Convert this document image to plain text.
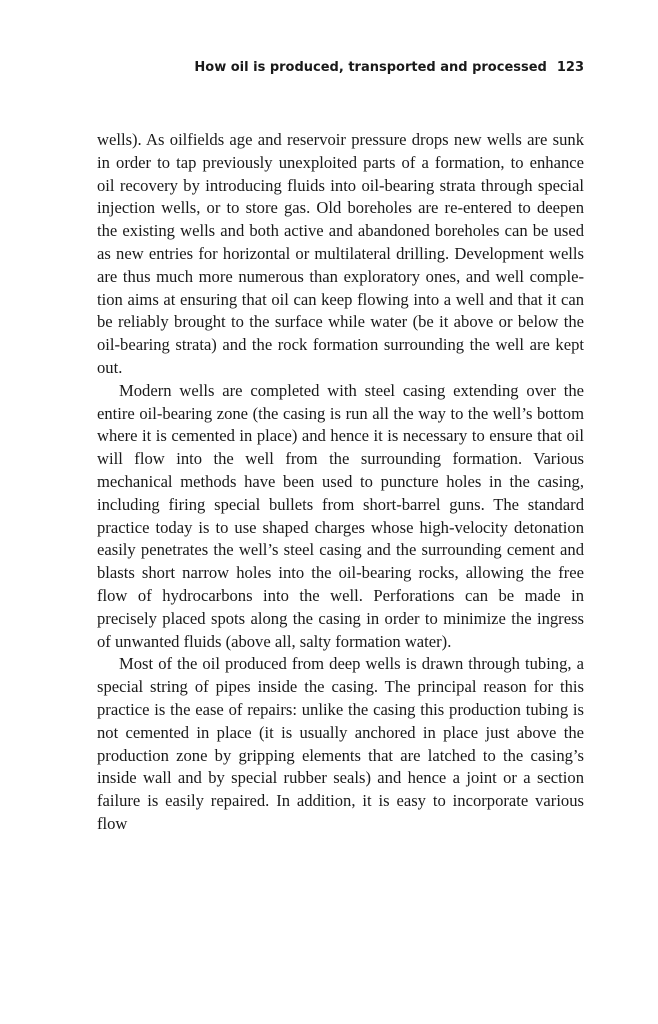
How oil is produced, transported and processed 123

wells). As oilfields age and reservoir pressure drops new wells are sunk in order to tap previously unexploited parts of a formation, to enhance oil recovery by introducing fluids into oil-bearing strata through special injection wells, or to store gas. Old boreholes are re-entered to deepen the existing wells and both active and abandoned boreholes can be used as new entries for horizontal or multilateral drilling. Development wells are thus much more numerous than exploratory ones, and well completion aims at ensuring that oil can keep flowing into a well and that it can be reliably brought to the surface while water (be it above or below the oil-bearing strata) and the rock formation surrounding the well are kept out.

Modern wells are completed with steel casing extending over the entire oil-bearing zone (the casing is run all the way to the well’s bottom where it is cemented in place) and hence it is necessary to ensure that oil will flow into the well from the surrounding formation. Various mechanical methods have been used to puncture holes in the casing, including firing special bullets from short-barrel guns. The standard practice today is to use shaped charges whose high-velocity detonation easily penetrates the well’s steel casing and the surrounding cement and blasts short narrow holes into the oil-bearing rocks, allowing the free flow of hydrocarbons into the well. Perforations can be made in precisely placed spots along the casing in order to minimize the ingress of unwanted fluids (above all, salty formation water).

Most of the oil produced from deep wells is drawn through tubing, a special string of pipes inside the casing. The principal reason for this practice is the ease of repairs: unlike the casing this production tubing is not cemented in place (it is usually anchored in place just above the production zone by gripping elements that are latched to the casing’s inside wall and by special rubber seals) and hence a joint or a section failure is easily repaired. In addition, it is easy to incorporate various flow
